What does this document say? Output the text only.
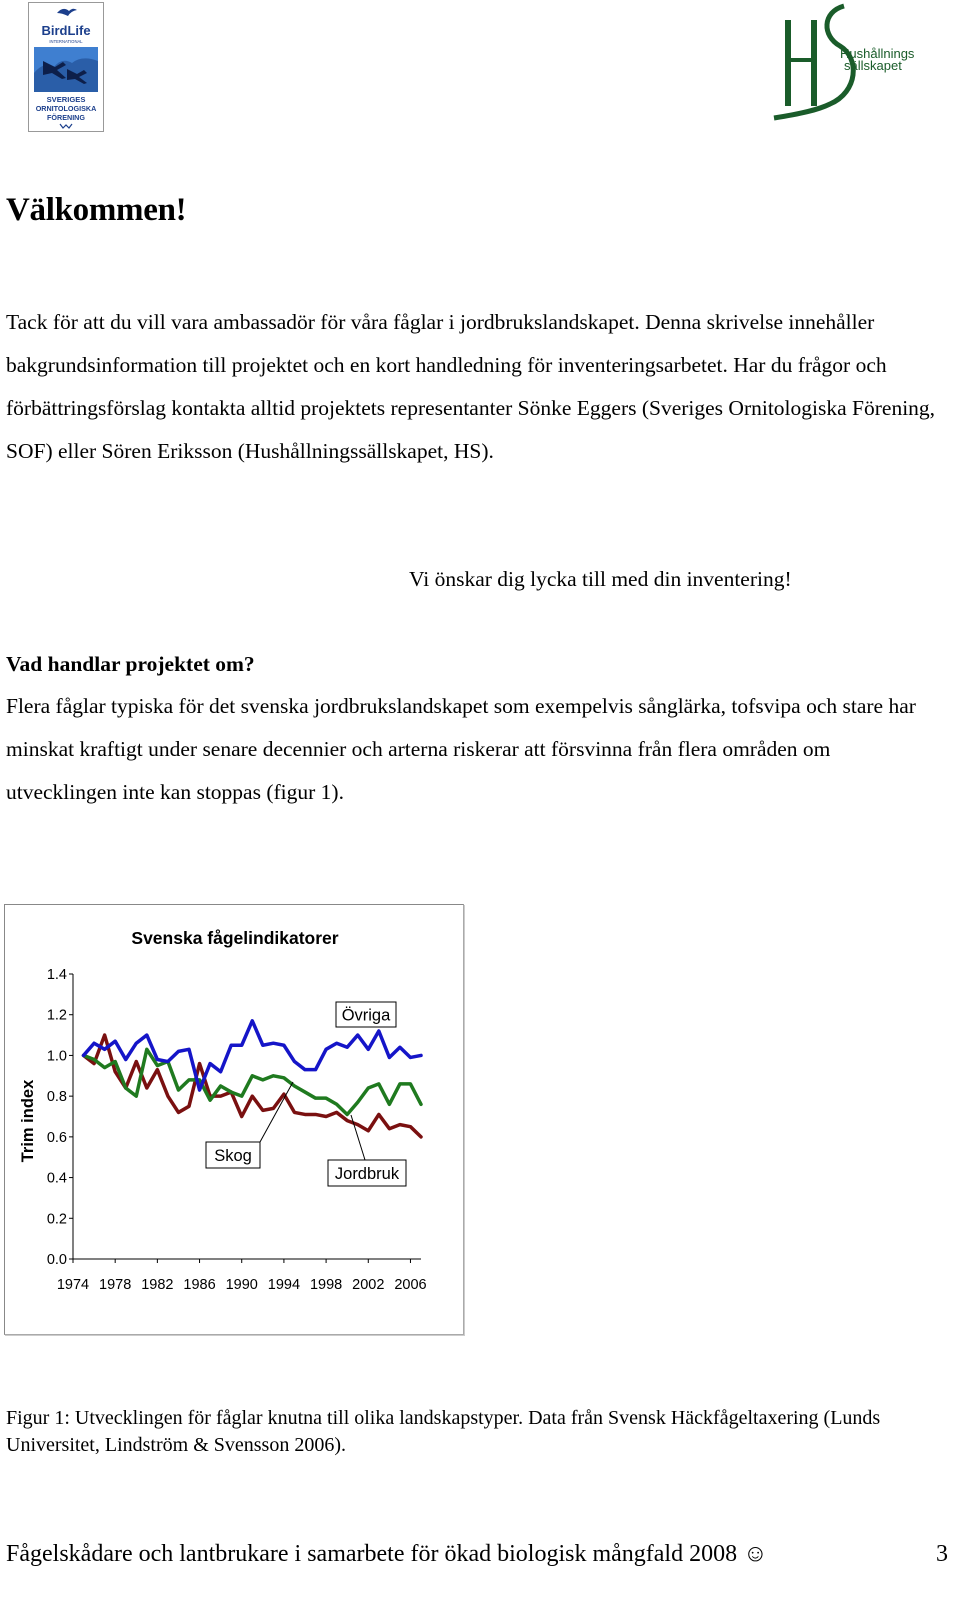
BirdLife
INTERNATIONAL
SVERIGES
ORNITOLOGISKA
FÖRENING
Hushållnings
sällskapet
Välkommen!

Tack för att du vill vara ambassadör för våra fåglar i jordbrukslandskapet. Denna skrivelse innehåller bakgrundsinformation till projektet och en kort handledning för inventeringsarbetet. Har du frågor och förbättringsförslag kontakta alltid projektets representanter Sönke Eggers (Sveriges Ornitologiska Förening, SOF) eller Sören Eriksson (Hushållningssällskapet, HS).

Vi önskar dig lycka till med din inventering!
Vad handlar projektet om?

Flera fåglar typiska för det svenska jordbrukslandskapet som exempelvis sånglärka, tofsvipa och stare har minskat kraftigt under senare decennier och arterna riskerar att försvinna från flera områden om utvecklingen inte kan stoppas (figur 1).

Svenska fågelindikatorer
Trim index
0.0
0.2
0.4
0.6
0.8
1.0
1.2
1.4
1974 1978 1982 1986 1990 1994 1998 2002 2006
Övriga
Skog
Jordbruk
Figur 1: Utvecklingen för fåglar knutna till olika landskapstyper. Data från Svensk Häckfågeltaxering (Lunds Universitet, Lindström & Svensson 2006).
Fågelskådare och lantbrukare i samarbete för ökad biologisk mångfald 2008 ☺	3
